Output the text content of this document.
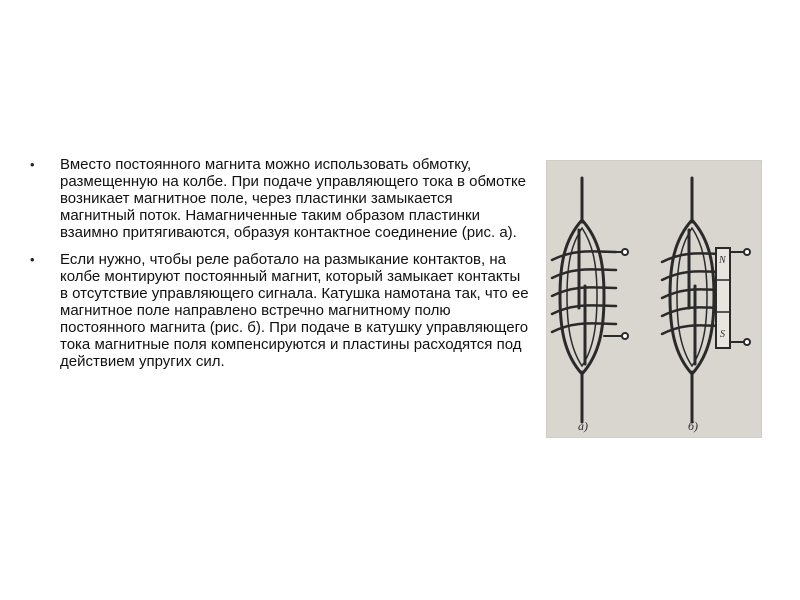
• Вместо постоянного магнита можно использовать обмотку, размещенную на колбе. При подаче управляющего тока в обмотке возникает магнитное поле, через пластинки замыкается магнитный поток. Намагниченные таким образом пластинки взаимно притягиваются, образуя контактное соединение (рис. а).
• Если нужно, чтобы реле работало на размыкание контактов, на колбе монтируют постоянный магнит, который замыкает контакты в отсутствие управляющего сигнала. Катушка намотана так, что ее магнитное поле направлено встречно магнитному полю постоянного магнита (рис. б). При подаче в катушку управляющего тока магнитные поля компенсируются и пластины расходятся под действием упругих сил.
а)
N
S
б)
